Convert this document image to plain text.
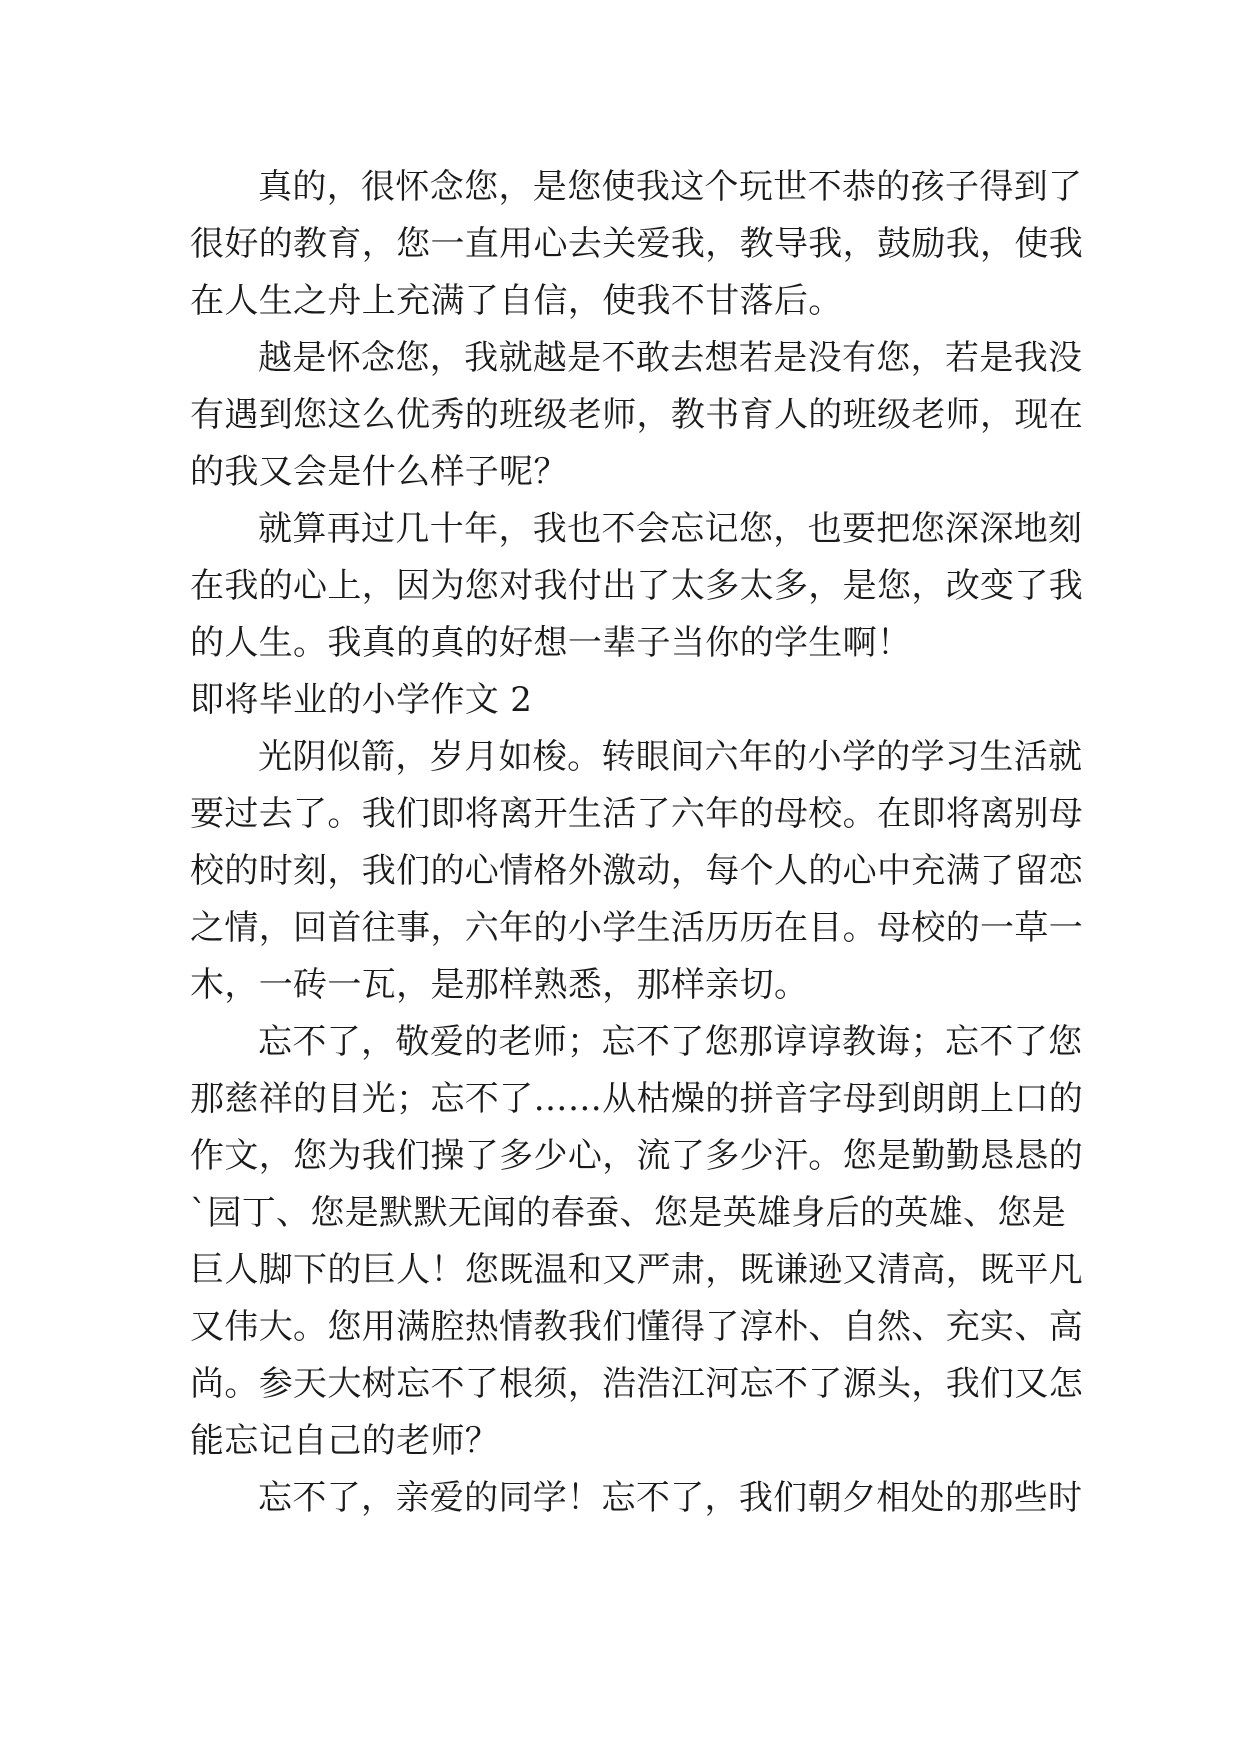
真的，很怀念您，是您使我这个玩世不恭的孩子得到了
很好的教育，您一直用心去关爱我，教导我，鼓励我，使我
在人生之舟上充满了自信，使我不甘落后。
越是怀念您，我就越是不敢去想若是没有您，若是我没
有遇到您这么优秀的班级老师，教书育人的班级老师，现在
的我又会是什么样子呢？
就算再过几十年，我也不会忘记您，也要把您深深地刻
在我的心上，因为您对我付出了太多太多，是您，改变了我
的人生。我真的真的好想一辈子当你的学生啊！
即将毕业的小学作文 2
光阴似箭，岁月如梭。转眼间六年的小学的学习生活就
要过去了。我们即将离开生活了六年的母校。在即将离别母
校的时刻，我们的心情格外激动，每个人的心中充满了留恋
之情，回首往事，六年的小学生活历历在目。母校的一草一
木，一砖一瓦，是那样熟悉，那样亲切。
忘不了，敬爱的老师；忘不了您那谆谆教诲；忘不了您
那慈祥的目光；忘不了……从枯燥的拼音字母到朗朗上口的
作文，您为我们操了多少心，流了多少汗。您是勤勤恳恳的
`园丁、您是默默无闻的春蚕、您是英雄身后的英雄、您是
巨人脚下的巨人！您既温和又严肃，既谦逊又清高，既平凡
又伟大。您用满腔热情教我们懂得了淳朴、自然、充实、高
尚。参天大树忘不了根须，浩浩江河忘不了源头，我们又怎
能忘记自己的老师？
忘不了，亲爱的同学！忘不了，我们朝夕相处的那些时
